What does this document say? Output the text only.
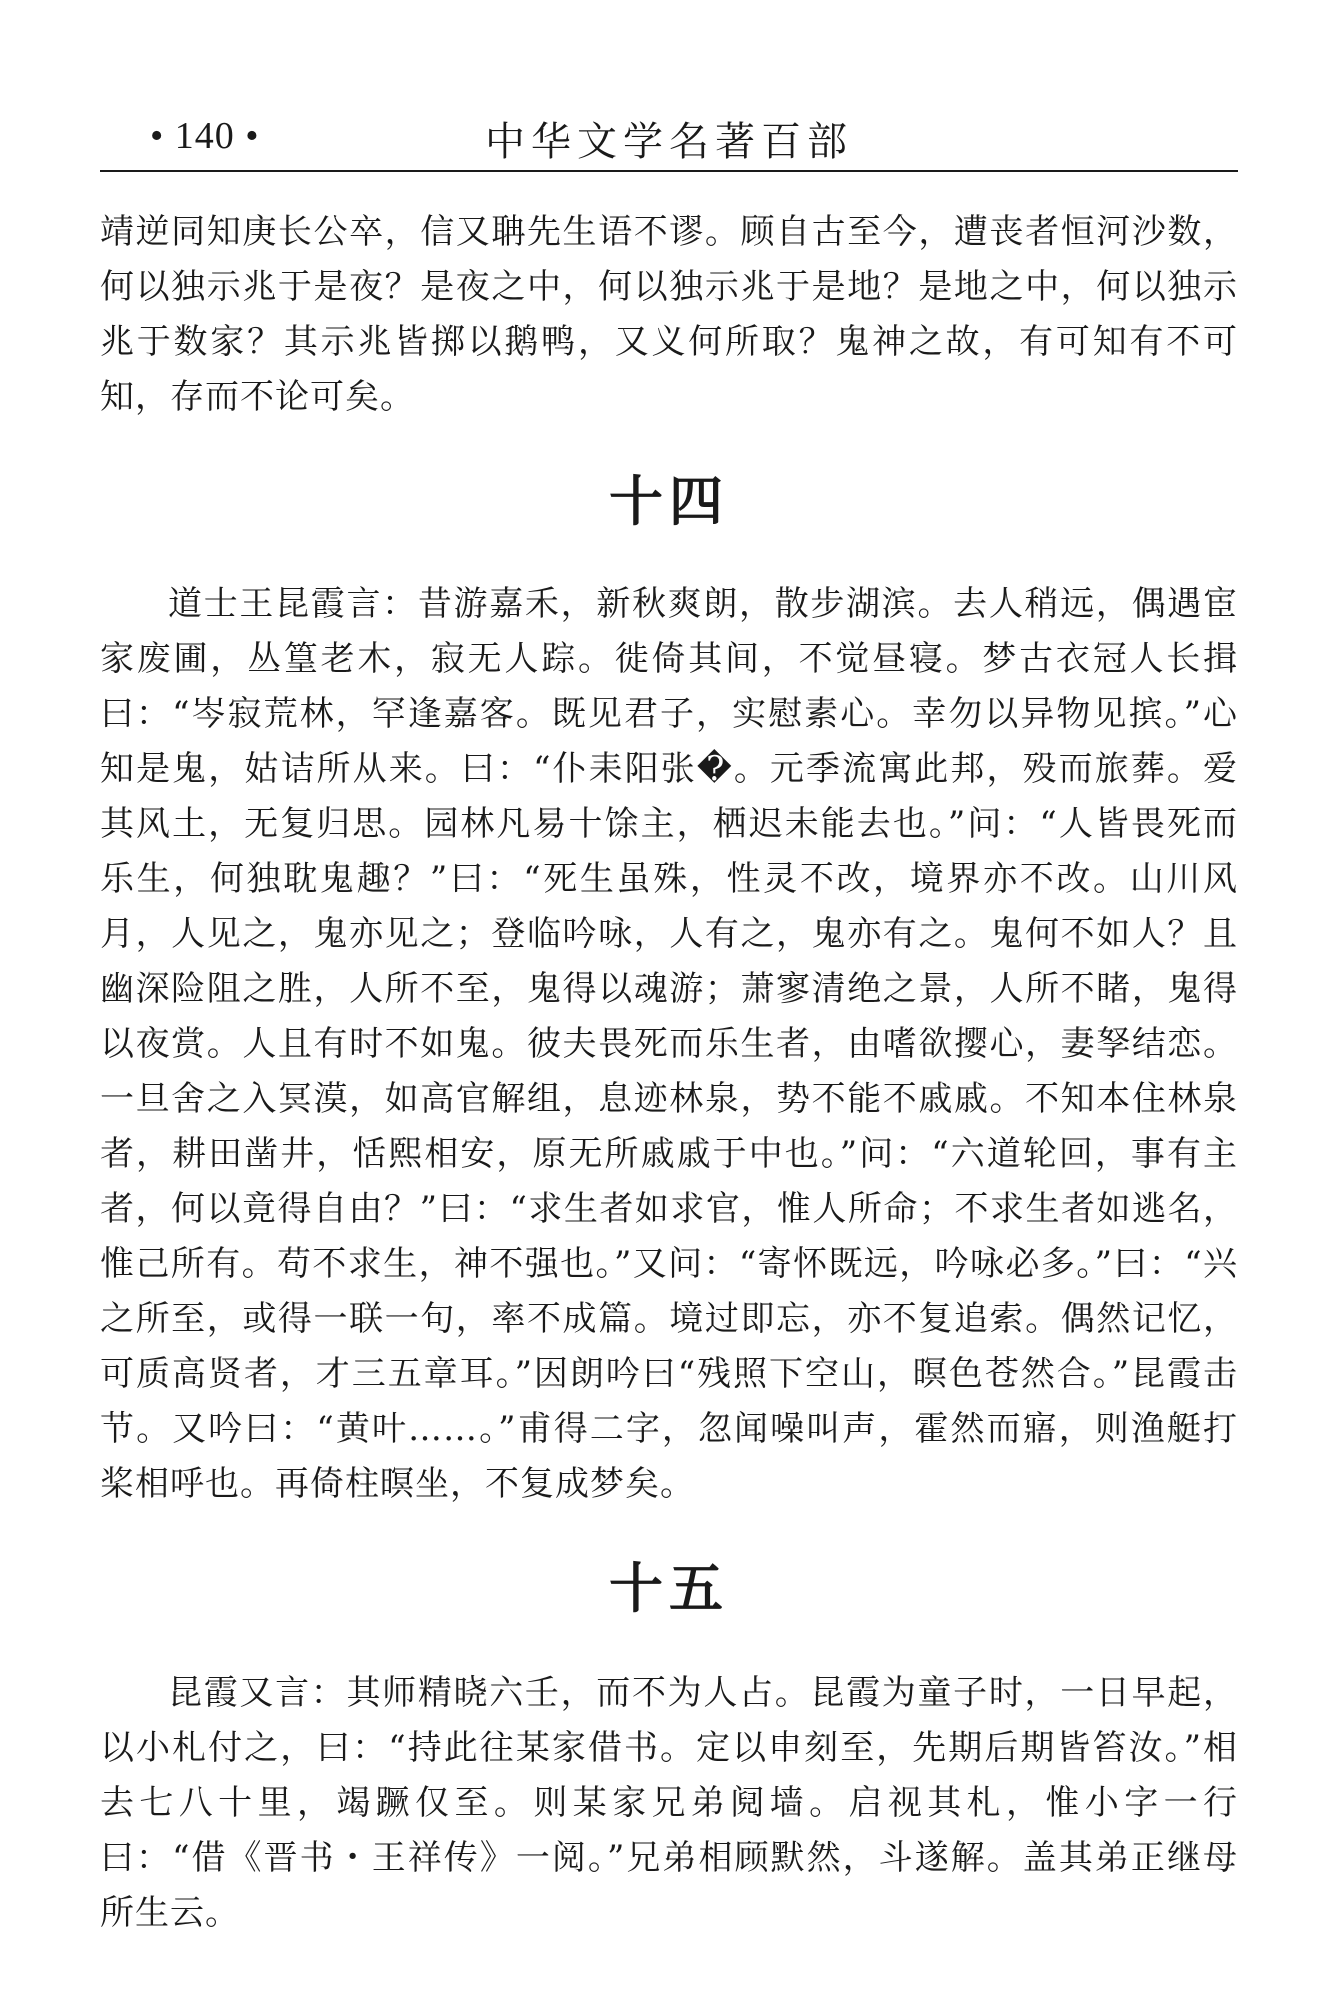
• 140 •	中华文学名著百部

靖逆同知庚长公卒，信又聃先生语不谬。顾自古至今，遭丧者恒河沙数，何以独示兆于是夜？是夜之中，何以独示兆于是地？是地之中，何以独示兆于数家？其示兆皆掷以鹅鸭，又义何所取？鬼神之故，有可知有不可知，存而不论可矣。

十四

道士王昆霞言：昔游嘉禾，新秋爽朗，散步湖滨。去人稍远，偶遇宦家废圃，丛篁老木，寂无人踪。徙倚其间，不觉昼寝。梦古衣冠人长揖曰：“岑寂荒林，罕逢嘉客。既见君子，实慰素心。幸勿以异物见摈。”心知是鬼，姑诘所从来。曰：“仆耒阳张�。元季流寓此邦，殁而旅葬。爱其风土，无复归思。园林凡易十馀主，栖迟未能去也。”问：“人皆畏死而乐生，何独耽鬼趣？”曰：“死生虽殊，性灵不改，境界亦不改。山川风月，人见之，鬼亦见之；登临吟咏，人有之，鬼亦有之。鬼何不如人？且幽深险阻之胜，人所不至，鬼得以魂游；萧寥清绝之景，人所不睹，鬼得以夜赏。人且有时不如鬼。彼夫畏死而乐生者，由嗜欲撄心，妻孥结恋。一旦舍之入冥漠，如高官解组，息迹林泉，势不能不戚戚。不知本住林泉者，耕田凿井，恬熙相安，原无所戚戚于中也。”问：“六道轮回，事有主者，何以竟得自由？”曰：“求生者如求官，惟人所命；不求生者如逃名，惟己所有。苟不求生，神不强也。”又问：“寄怀既远，吟咏必多。”曰：“兴之所至，或得一联一句，率不成篇。境过即忘，亦不复追索。偶然记忆，可质高贤者，才三五章耳。”因朗吟曰“残照下空山，暝色苍然合。”昆霞击节。又吟曰：“黄叶……。”甫得二字，忽闻噪叫声，霍然而寤，则渔艇打桨相呼也。再倚柱暝坐，不复成梦矣。

十五

昆霞又言：其师精晓六壬，而不为人占。昆霞为童子时，一日早起，以小札付之，曰：“持此往某家借书。定以申刻至，先期后期皆笞汝。”相去七八十里，竭蹶仅至。则某家兄弟阋墙。启视其札，惟小字一行曰：“借《晋书・王祥传》一阅。”兄弟相顾默然，斗遂解。盖其弟正继母所生云。
